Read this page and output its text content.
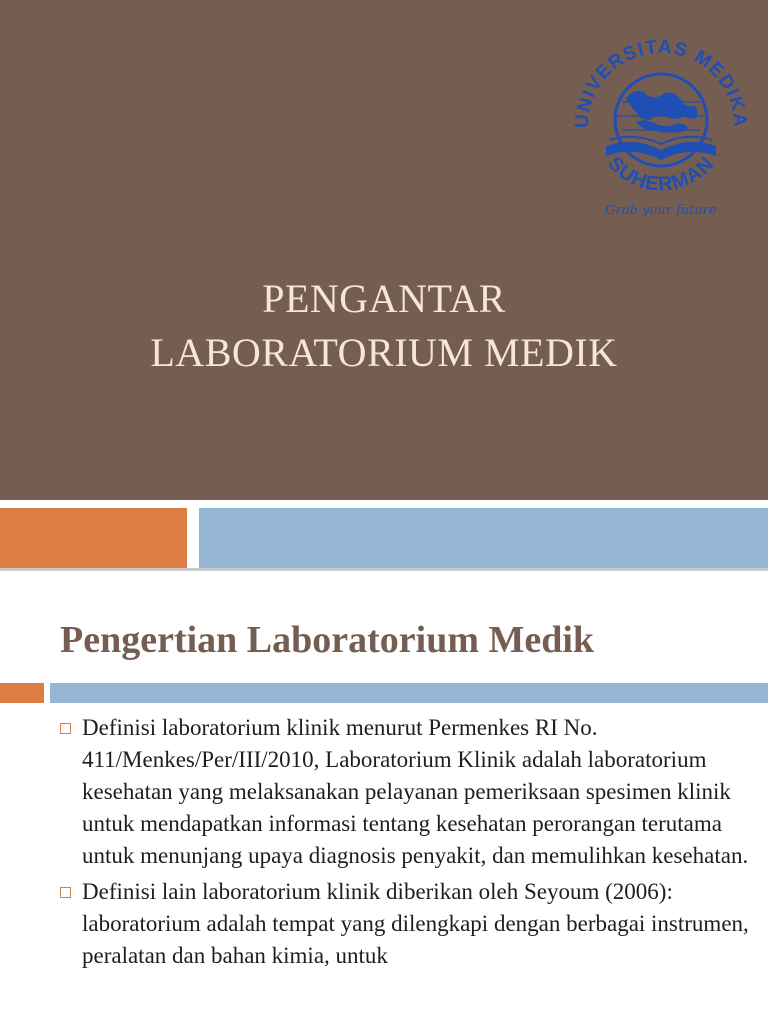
PENGANTAR
LABORATORIUM MEDIK
UNIVERSITAS MEDIKA
SUHERMAN
Grab your future
Pengertian Laboratorium Medik
Definisi laboratorium klinik menurut Permenkes RI No. 411/Menkes/Per/III/2010, Laboratorium Klinik adalah laboratorium kesehatan yang melaksanakan pelayanan pemeriksaan spesimen klinik untuk mendapatkan informasi tentang kesehatan perorangan terutama untuk menunjang upaya diagnosis penyakit, dan memulihkan kesehatan.
Definisi lain laboratorium klinik diberikan oleh Seyoum (2006): laboratorium adalah tempat yang dilengkapi dengan berbagai instrumen, peralatan dan bahan kimia, untuk
